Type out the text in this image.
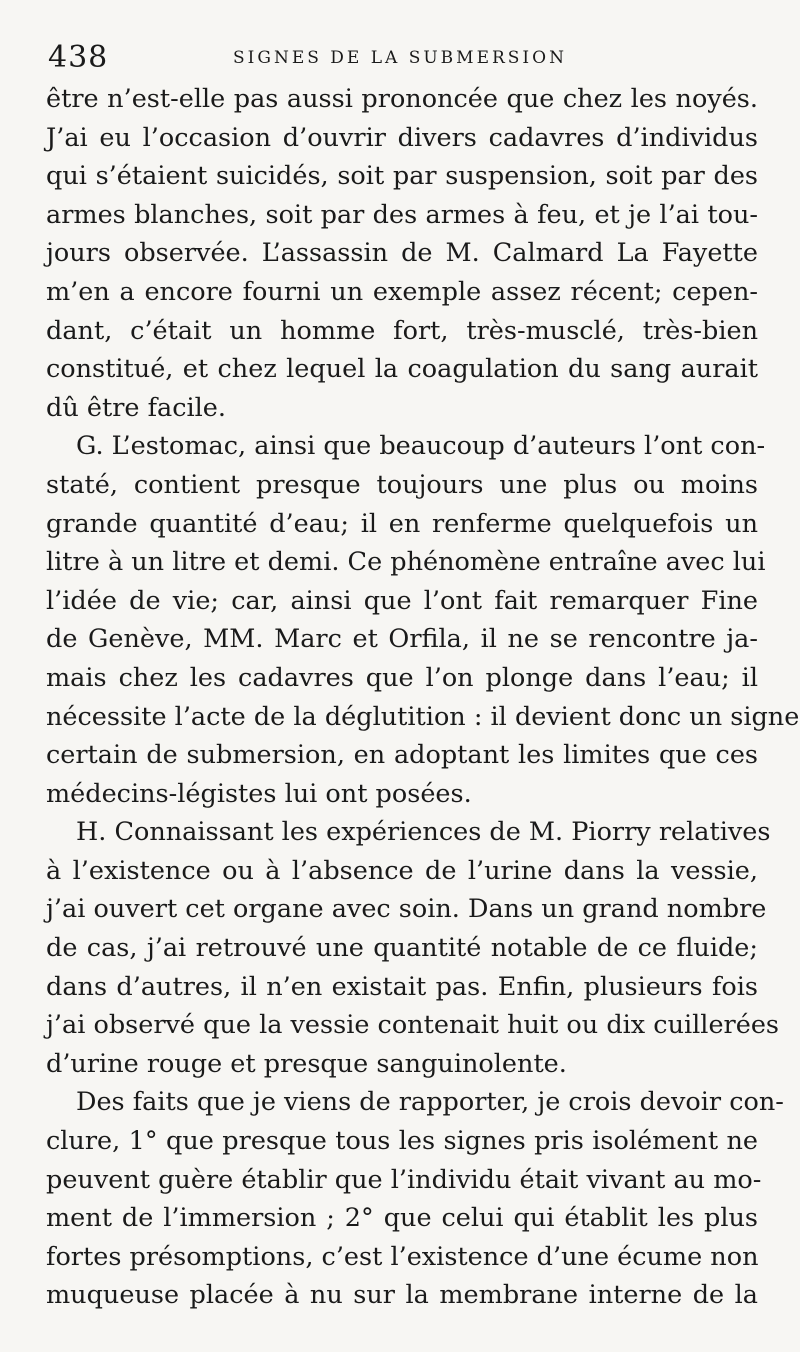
438	SIGNES DE LA SUBMERSION
être n’est-elle pas aussi prononcée que chez les noyés.
J’ai eu l’occasion d’ouvrir divers cadavres d’individus
qui s’étaient suicidés, soit par suspension, soit par des
armes blanches, soit par des armes à feu, et je l’ai tou-
jours observée. L’assassin de M. Calmard La Fayette
m’en a encore fourni un exemple assez récent; cepen-
dant, c’était un homme fort, très-musclé, très-bien
constitué, et chez lequel la coagulation du sang aurait
dû être facile.
G. L’estomac, ainsi que beaucoup d’auteurs l’ont con-
staté, contient presque toujours une plus ou moins
grande quantité d’eau; il en renferme quelquefois un
litre à un litre et demi. Ce phénomène entraîne avec lui
l’idée de vie; car, ainsi que l’ont fait remarquer Fine
de Genève, MM. Marc et Orfila, il ne se rencontre ja-
mais chez les cadavres que l’on plonge dans l’eau; il
nécessite l’acte de la déglutition : il devient donc un signe
certain de submersion, en adoptant les limites que ces
médecins-légistes lui ont posées.
H. Connaissant les expériences de M. Piorry relatives
à l’existence ou à l’absence de l’urine dans la vessie,
j’ai ouvert cet organe avec soin. Dans un grand nombre
de cas, j’ai retrouvé une quantité notable de ce fluide;
dans d’autres, il n’en existait pas. Enfin, plusieurs fois
j’ai observé que la vessie contenait huit ou dix cuillerées
d’urine rouge et presque sanguinolente.
Des faits que je viens de rapporter, je crois devoir con-
clure, 1° que presque tous les signes pris isolément ne
peuvent guère établir que l’individu était vivant au mo-
ment de l’immersion ; 2° que celui qui établit les plus
fortes présomptions, c’est l’existence d’une écume non
muqueuse placée à nu sur la membrane interne de la
